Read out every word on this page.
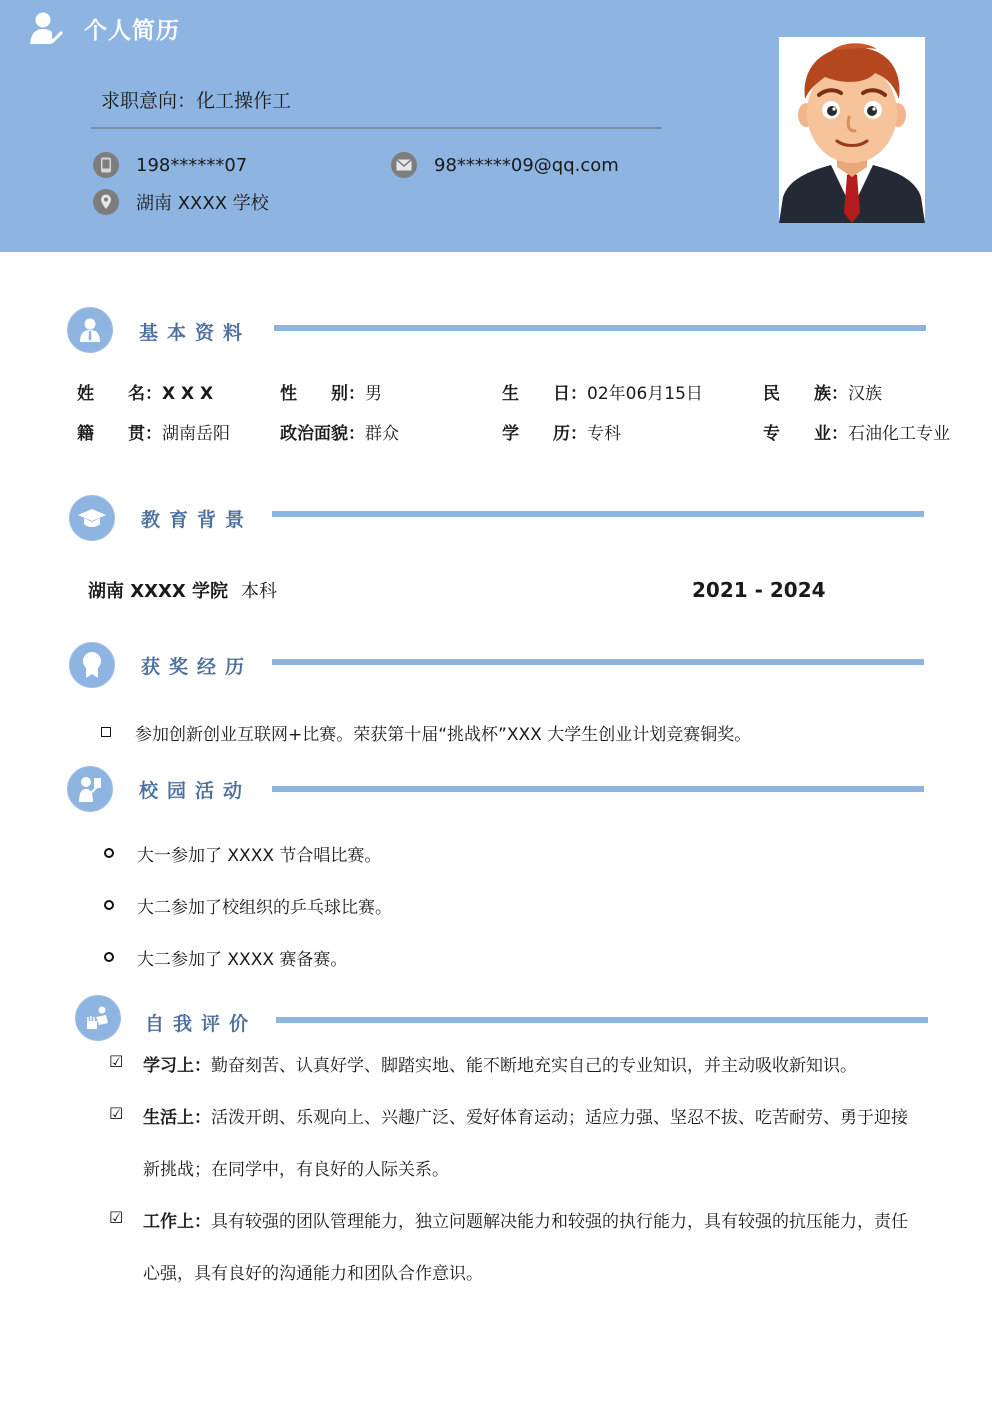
个人简历
求职意向：化工操作工
198******07	98******09@qq.com
湖南 XXXX 学校
基本资料
姓　　名：X X X	性　　别：男	生　　日：02年06月15日	民　　族：汉族
籍　　贯：湖南岳阳	政治面貌：群众	学　　历：专科	专　　业：石油化工专业
教育背景
湖南 XXXX 学院 本科	2021 - 2024
获奖经历
参加创新创业互联网+比赛。荣获第十届“挑战杯”XXX 大学生创业计划竞赛铜奖。
校园活动
大一参加了 XXXX 节合唱比赛。
大二参加了校组织的乒乓球比赛。
大二参加了 XXXX 赛备赛。
自我评价
☑ 学习上：勤奋刻苦、认真好学、脚踏实地、能不断地充实自己的专业知识，并主动吸收新知识。
☑ 生活上：活泼开朗、乐观向上、兴趣广泛、爱好体育运动；适应力强、坚忍不拔、吃苦耐劳、勇于迎接
新挑战；在同学中，有良好的人际关系。
☑ 工作上：具有较强的团队管理能力，独立问题解决能力和较强的执行能力，具有较强的抗压能力，责任
心强，具有良好的沟通能力和团队合作意识。
